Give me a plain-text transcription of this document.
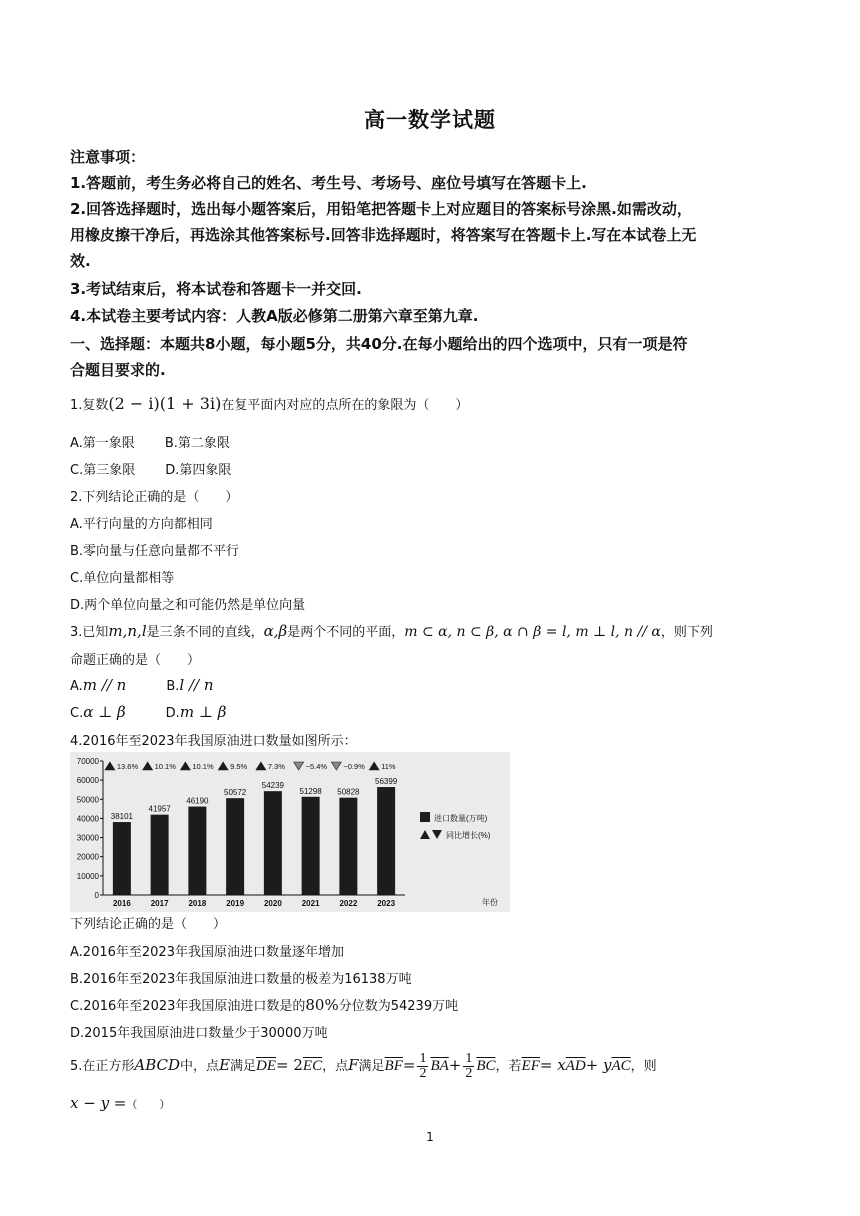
高一数学试题
注意事项：
1.答题前，考生务必将自己的姓名、考生号、考场号、座位号填写在答题卡上.
2.回答选择题时，选出每小题答案后，用铅笔把答题卡上对应题目的答案标号涂黑.如需改动，
用橡皮擦干净后，再选涂其他答案标号.回答非选择题时，将答案写在答题卡上.写在本试卷上无
效.
3.考试结束后，将本试卷和答题卡一并交回.
4.本试卷主要考试内容：人教A版必修第二册第六章至第九章.
一、选择题：本题共8小题，每小题5分，共40分.在每小题给出的四个选项中，只有一项是符
合题目要求的.
1.复数(2 − i)(1 + 3i)在复平面内对应的点所在的象限为（　　）
A.第一象限 B.第二象限
C.第三象限 D.第四象限
2.下列结论正确的是（　　）
A.平行向量的方向都相同
B.零向量与任意向量都不平行
C.单位向量都相等
D.两个单位向量之和可能仍然是单位向量
3.已知m,n,l是三条不同的直线，α,β是两个不同的平面，m ⊂ α, n ⊂ β, α ∩ β = l, m ⊥ l, n // α，则下列
命题正确的是（　　）
A.m // n	B.l // n
C.α ⊥ β	D.m ⊥ β
4.2016年至2023年我国原油进口数量如图所示：
70000
60000
50000
40000
30000
20000
10000
0
38101
41957
46190
50572
54239
51298 50828
56399
13.6% 10.1% 10.1% 9.5%	7.3%	−5.4% −0.9% 11%
2016 2017 2018 2019 2020 2021 2022 2023
进口数量(万吨)
同比增长(%)
年份
下列结论正确的是（　　）
A.2016年至2023年我国原油进口数量逐年增加
B.2016年至2023年我国原油进口数量的极差为16138万吨
C.2016年至2023年我国原油进口数是的80%分位数为54239万吨
D.2015年我国原油进口数量少于30000万吨
5.在正方形ABCD中，点E满足$\overline{DE}= 2\overline{EC}$，点F满足$\overline{BF}= \frac{1}{2} \overline{BA}+ \frac{1}{2} \overline{BC}$，若$\overline{EF}= x\overline{AD}+ y\overline{AC}$，则
x − y =（　　）
1
